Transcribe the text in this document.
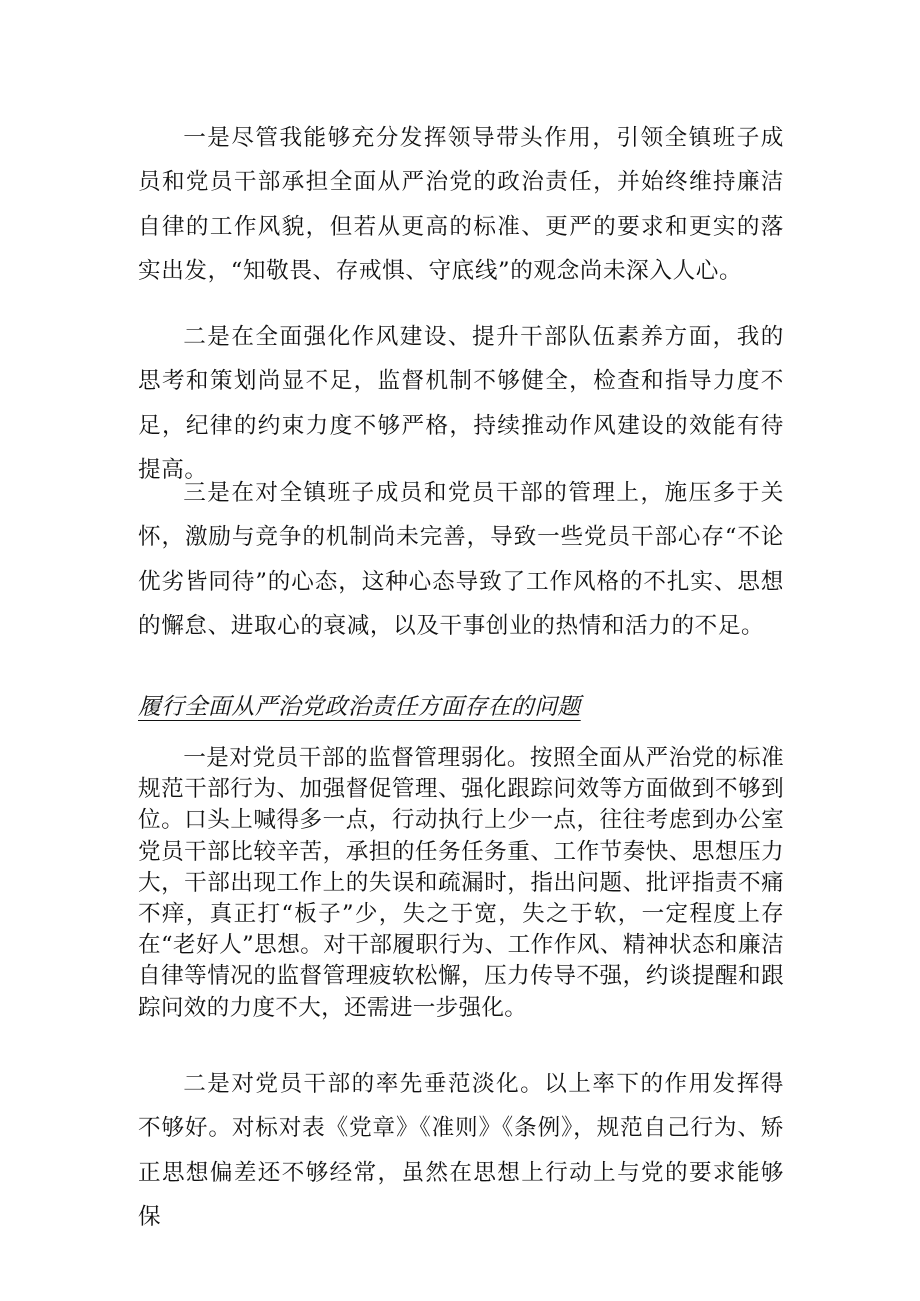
一是尽管我能够充分发挥领导带头作用，引领全镇班子成员和党员干部承担全面从严治党的政治责任，并始终维持廉洁自律的工作风貌，但若从更高的标准、更严的要求和更实的落实出发，“知敬畏、存戒惧、守底线”的观念尚未深入人心。

二是在全面强化作风建设、提升干部队伍素养方面，我的思考和策划尚显不足，监督机制不够健全，检查和指导力度不足，纪律的约束力度不够严格，持续推动作风建设的效能有待提高。

三是在对全镇班子成员和党员干部的管理上，施压多于关怀，激励与竞争的机制尚未完善，导致一些党员干部心存“不论优劣皆同待”的心态，这种心态导致了工作风格的不扎实、思想的懈怠、进取心的衰减，以及干事创业的热情和活力的不足。

履行全面从严治党政治责任方面存在的问题

一是对党员干部的监督管理弱化。按照全面从严治党的标准规范干部行为、加强督促管理、强化跟踪问效等方面做到不够到位。口头上喊得多一点，行动执行上少一点，往往考虑到办公室党员干部比较辛苦，承担的任务任务重、工作节奏快、思想压力大，干部出现工作上的失误和疏漏时，指出问题、批评指责不痛不痒，真正打“板子”少，失之于宽，失之于软，一定程度上存在“老好人”思想。对干部履职行为、工作作风、精神状态和廉洁自律等情况的监督管理疲软松懈，压力传导不强，约谈提醒和跟踪问效的力度不大，还需进一步强化。

二是对党员干部的率先垂范淡化。以上率下的作用发挥得不够好。对标对表《党章》《准则》《条例》，规范自己行为、矫正思想偏差还不够经常，虽然在思想上行动上与党的要求能够保
